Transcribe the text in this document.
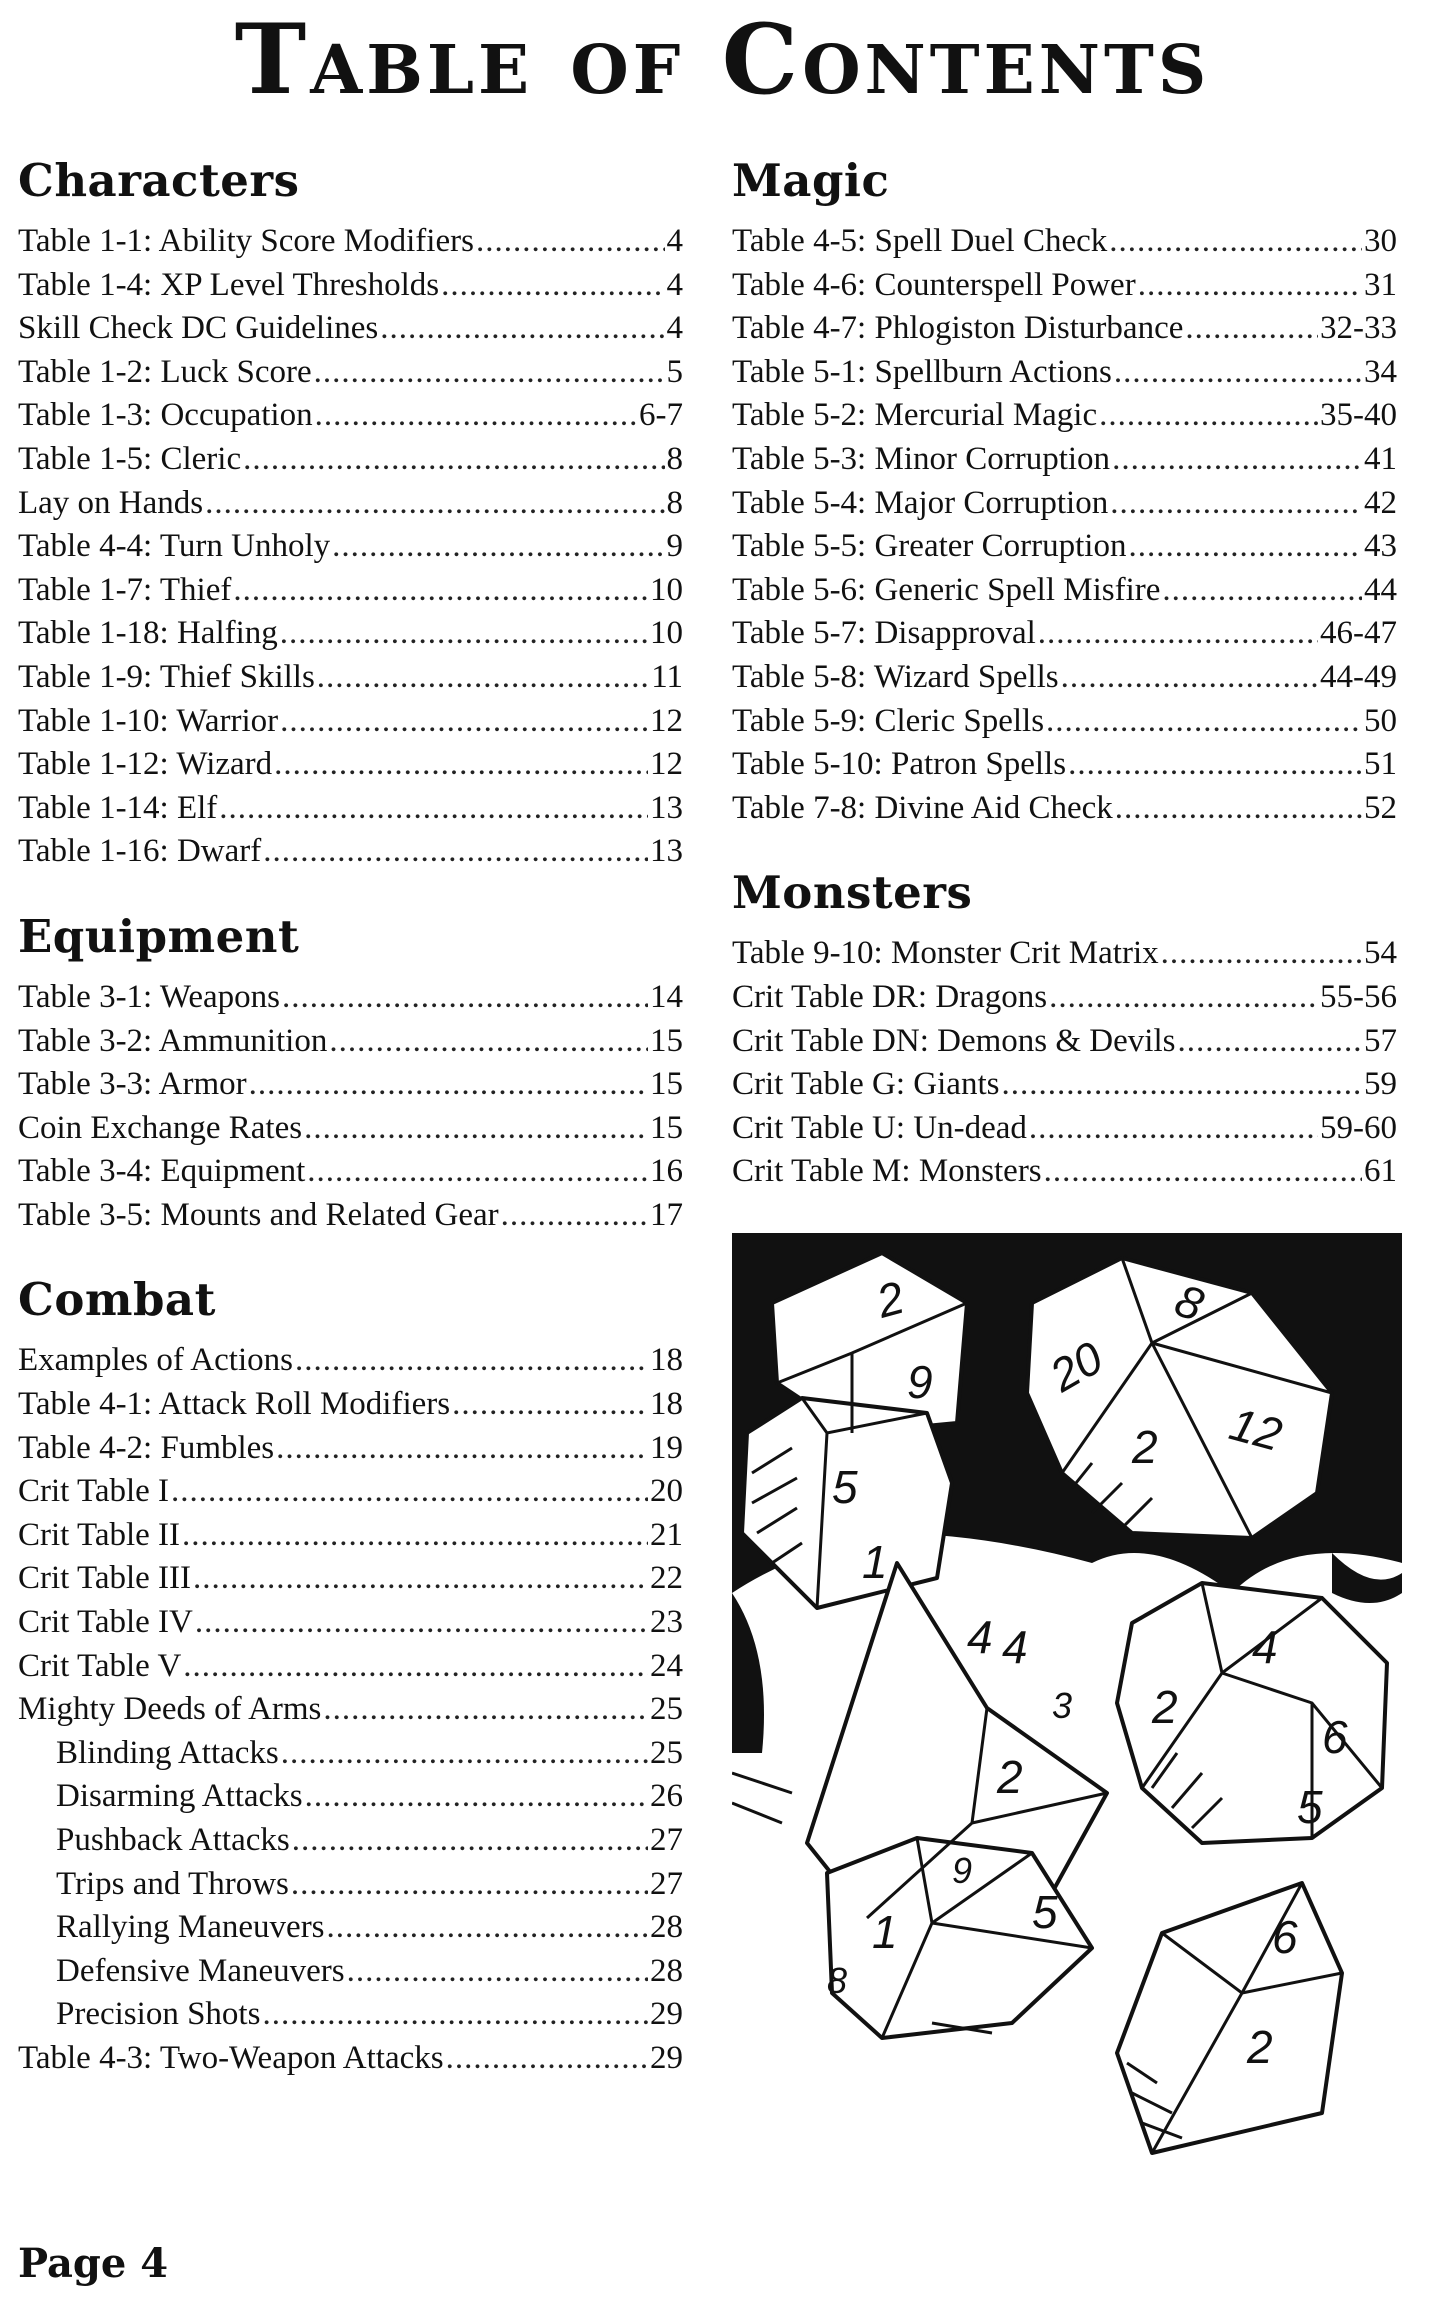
Table of Contents
Characters
Table 1-1: Ability Score Modifiers .....	4
Table 1-4: XP Level Thresholds .....	4
Skill Check DC Guidelines .....	4
Table 1-2: Luck Score .....	5
Table 1-3: Occupation .....	6-7
Table 1-5: Cleric .....	8
Lay on Hands .....	8
Table 4-4: Turn Unholy .....	9
Table 1-7: Thief .....	10
Table 1-18: Halfing .....	10
Table 1-9: Thief Skills .....	11
Table 1-10: Warrior .....	12
Table 1-12: Wizard .....	12
Table 1-14: Elf .....	13
Table 1-16: Dwarf .....	13
Equipment
Table 3-1: Weapons .....	14
Table 3-2: Ammunition .....	15
Table 3-3: Armor .....	15
Coin Exchange Rates .....	15
Table 3-4: Equipment .....	16
Table 3-5: Mounts and Related Gear .....	17
Combat
Examples of Actions .....	18
Table 4-1: Attack Roll Modifiers .....	18
Table 4-2: Fumbles .....	19
Crit Table I .....	20
Crit Table II .....	21
Crit Table III .....	22
Crit Table IV .....	23
Crit Table V .....	24
Mighty Deeds of Arms .....	25
Blinding Attacks .....	25
Disarming Attacks .....	26
Pushback Attacks .....	27
Trips and Throws .....	27
Rallying Maneuvers .....	28
Defensive Maneuvers .....	28
Precision Shots .....	29
Table 4-3: Two-Weapon Attacks .....	29
Magic
Table 4-5: Spell Duel Check .....	30
Table 4-6: Counterspell Power .....	31
Table 4-7: Phlogiston Disturbance .....	32-33
Table 5-1: Spellburn Actions .....	34
Table 5-2: Mercurial Magic .....	35-40
Table 5-3: Minor Corruption .....	41
Table 5-4: Major Corruption .....	42
Table 5-5: Greater Corruption .....	43
Table 5-6: Generic Spell Misfire .....	44
Table 5-7: Disapproval .....	46-47
Table 5-8: Wizard Spells .....	44-49
Table 5-9: Cleric Spells .....	50
Table 5-10: Patron Spells .....	51
Table 7-8: Divine Aid Check .....	52
Monsters
Table 9-10: Monster Crit Matrix .....	54
Crit Table DR: Dragons .....	55-56
Crit Table DN: Demons & Devils .....	57
Crit Table G: Giants .....	59
Crit Table U: Un-dead .....	59-60
Crit Table M: Monsters .....	61
2
9
5
1
8
20
2 12
4 4
3
2
4
2
6
5
9
1
8
5	6
2
Page 4
